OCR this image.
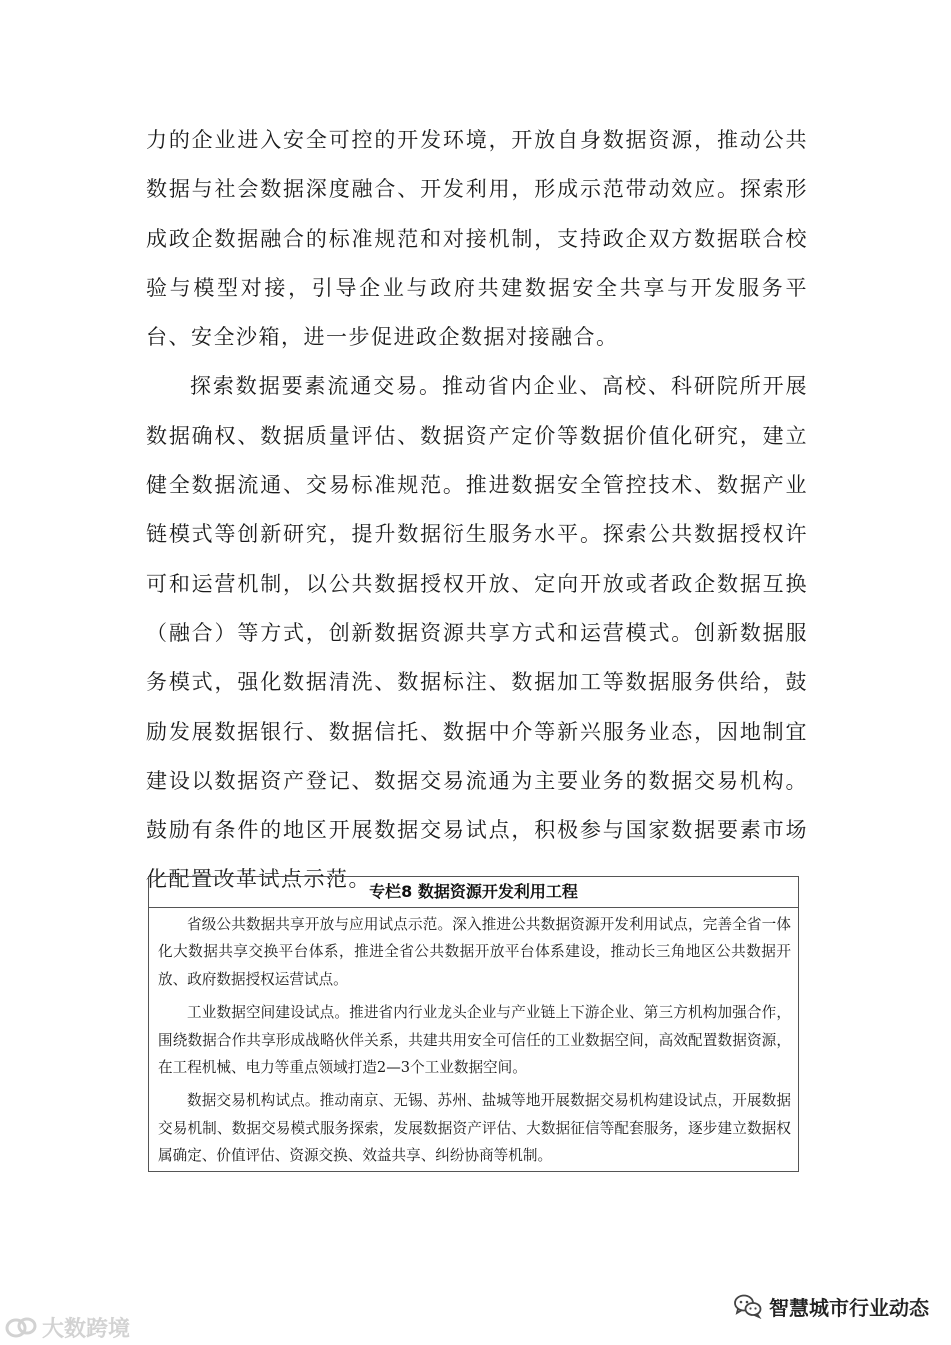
力的企业进入安全可控的开发环境，开放自身数据资源，推动公共数据与社会数据深度融合、开发利用，形成示范带动效应。探索形成政企数据融合的标准规范和对接机制，支持政企双方数据联合校验与模型对接，引导企业与政府共建数据安全共享与开发服务平台、安全沙箱，进一步促进政企数据对接融合。

探索数据要素流通交易。推动省内企业、高校、科研院所开展数据确权、数据质量评估、数据资产定价等数据价值化研究，建立健全数据流通、交易标准规范。推进数据安全管控技术、数据产业链模式等创新研究，提升数据衍生服务水平。探索公共数据授权许可和运营机制，以公共数据授权开放、定向开放或者政企数据互换（融合）等方式，创新数据资源共享方式和运营模式。创新数据服务模式，强化数据清洗、数据标注、数据加工等数据服务供给，鼓励发展数据银行、数据信托、数据中介等新兴服务业态，因地制宜建设以数据资产登记、数据交易流通为主要业务的数据交易机构。鼓励有条件的地区开展数据交易试点，积极参与国家数据要素市场化配置改革试点示范。

专栏8 数据资源开发利用工程

省级公共数据共享开放与应用试点示范。深入推进公共数据资源开发利用试点，完善全省一体化大数据共享交换平台体系，推进全省公共数据开放平台体系建设，推动长三角地区公共数据开放、政府数据授权运营试点。

工业数据空间建设试点。推进省内行业龙头企业与产业链上下游企业、第三方机构加强合作，围绕数据合作共享形成战略伙伴关系，共建共用安全可信任的工业数据空间，高效配置数据资源，在工程机械、电力等重点领域打造2—3个工业数据空间。

数据交易机构试点。推动南京、无锡、苏州、盐城等地开展数据交易机构建设试点，开展数据交易机制、数据交易模式服务探索，发展数据资产评估、大数据征信等配套服务，逐步建立数据权属确定、价值评估、资源交换、效益共享、纠纷协商等机制。

大数跨境
智慧城市行业动态
